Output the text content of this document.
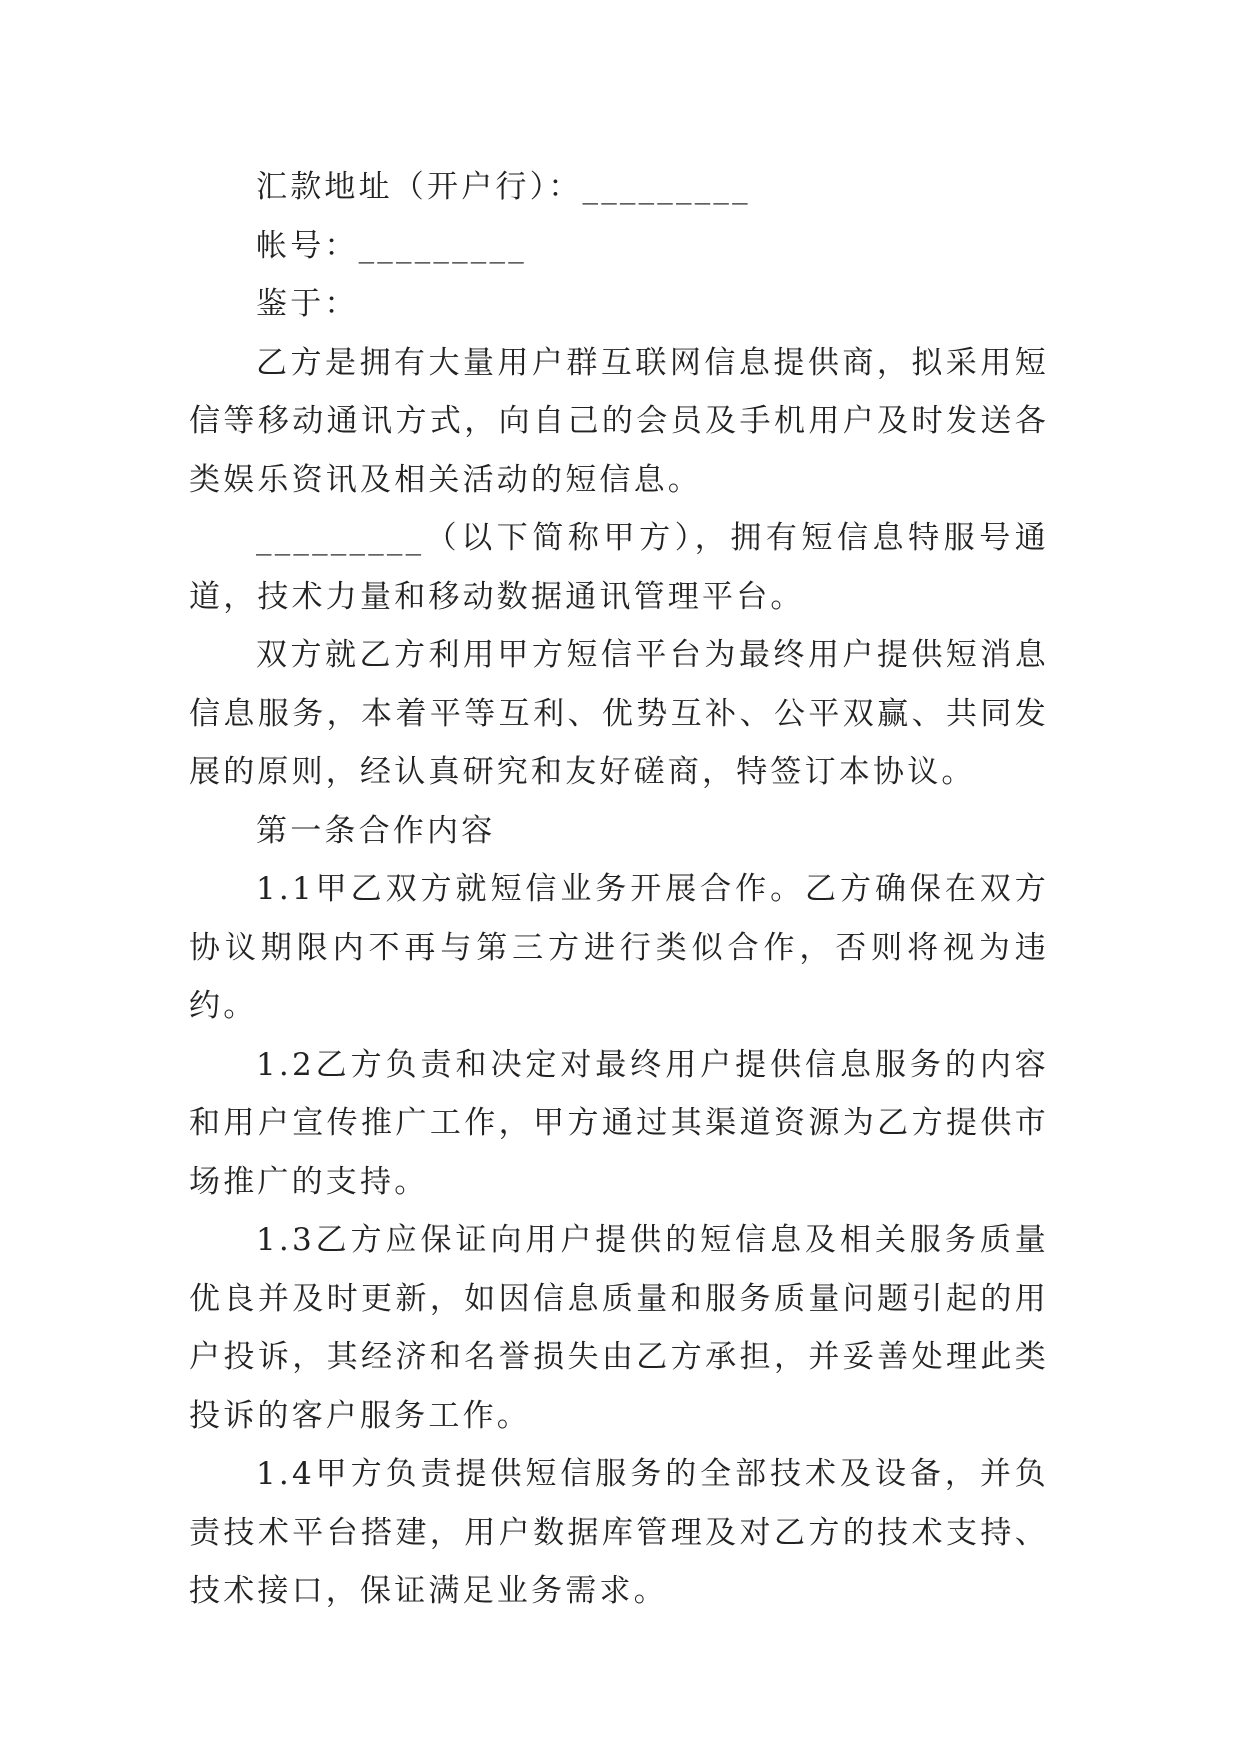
汇款地址（开户行）：_________

帐号：_________

鉴于：

乙方是拥有大量用户群互联网信息提供商，拟采用短信等移动通讯方式，向自己的会员及手机用户及时发送各类娱乐资讯及相关活动的短信息。

_________（以下简称甲方），拥有短信息特服号通道，技术力量和移动数据通讯管理平台。

双方就乙方利用甲方短信平台为最终用户提供短消息信息服务，本着平等互利、优势互补、公平双赢、共同发展的原则，经认真研究和友好磋商，特签订本协议。

第一条合作内容

1.1甲乙双方就短信业务开展合作。乙方确保在双方协议期限内不再与第三方进行类似合作，否则将视为违约。

1.2乙方负责和决定对最终用户提供信息服务的内容和用户宣传推广工作，甲方通过其渠道资源为乙方提供市场推广的支持。

1.3乙方应保证向用户提供的短信息及相关服务质量优良并及时更新，如因信息质量和服务质量问题引起的用户投诉，其经济和名誉损失由乙方承担，并妥善处理此类投诉的客户服务工作。

1.4甲方负责提供短信服务的全部技术及设备，并负责技术平台搭建，用户数据库管理及对乙方的技术支持、技术接口，保证满足业务需求。
